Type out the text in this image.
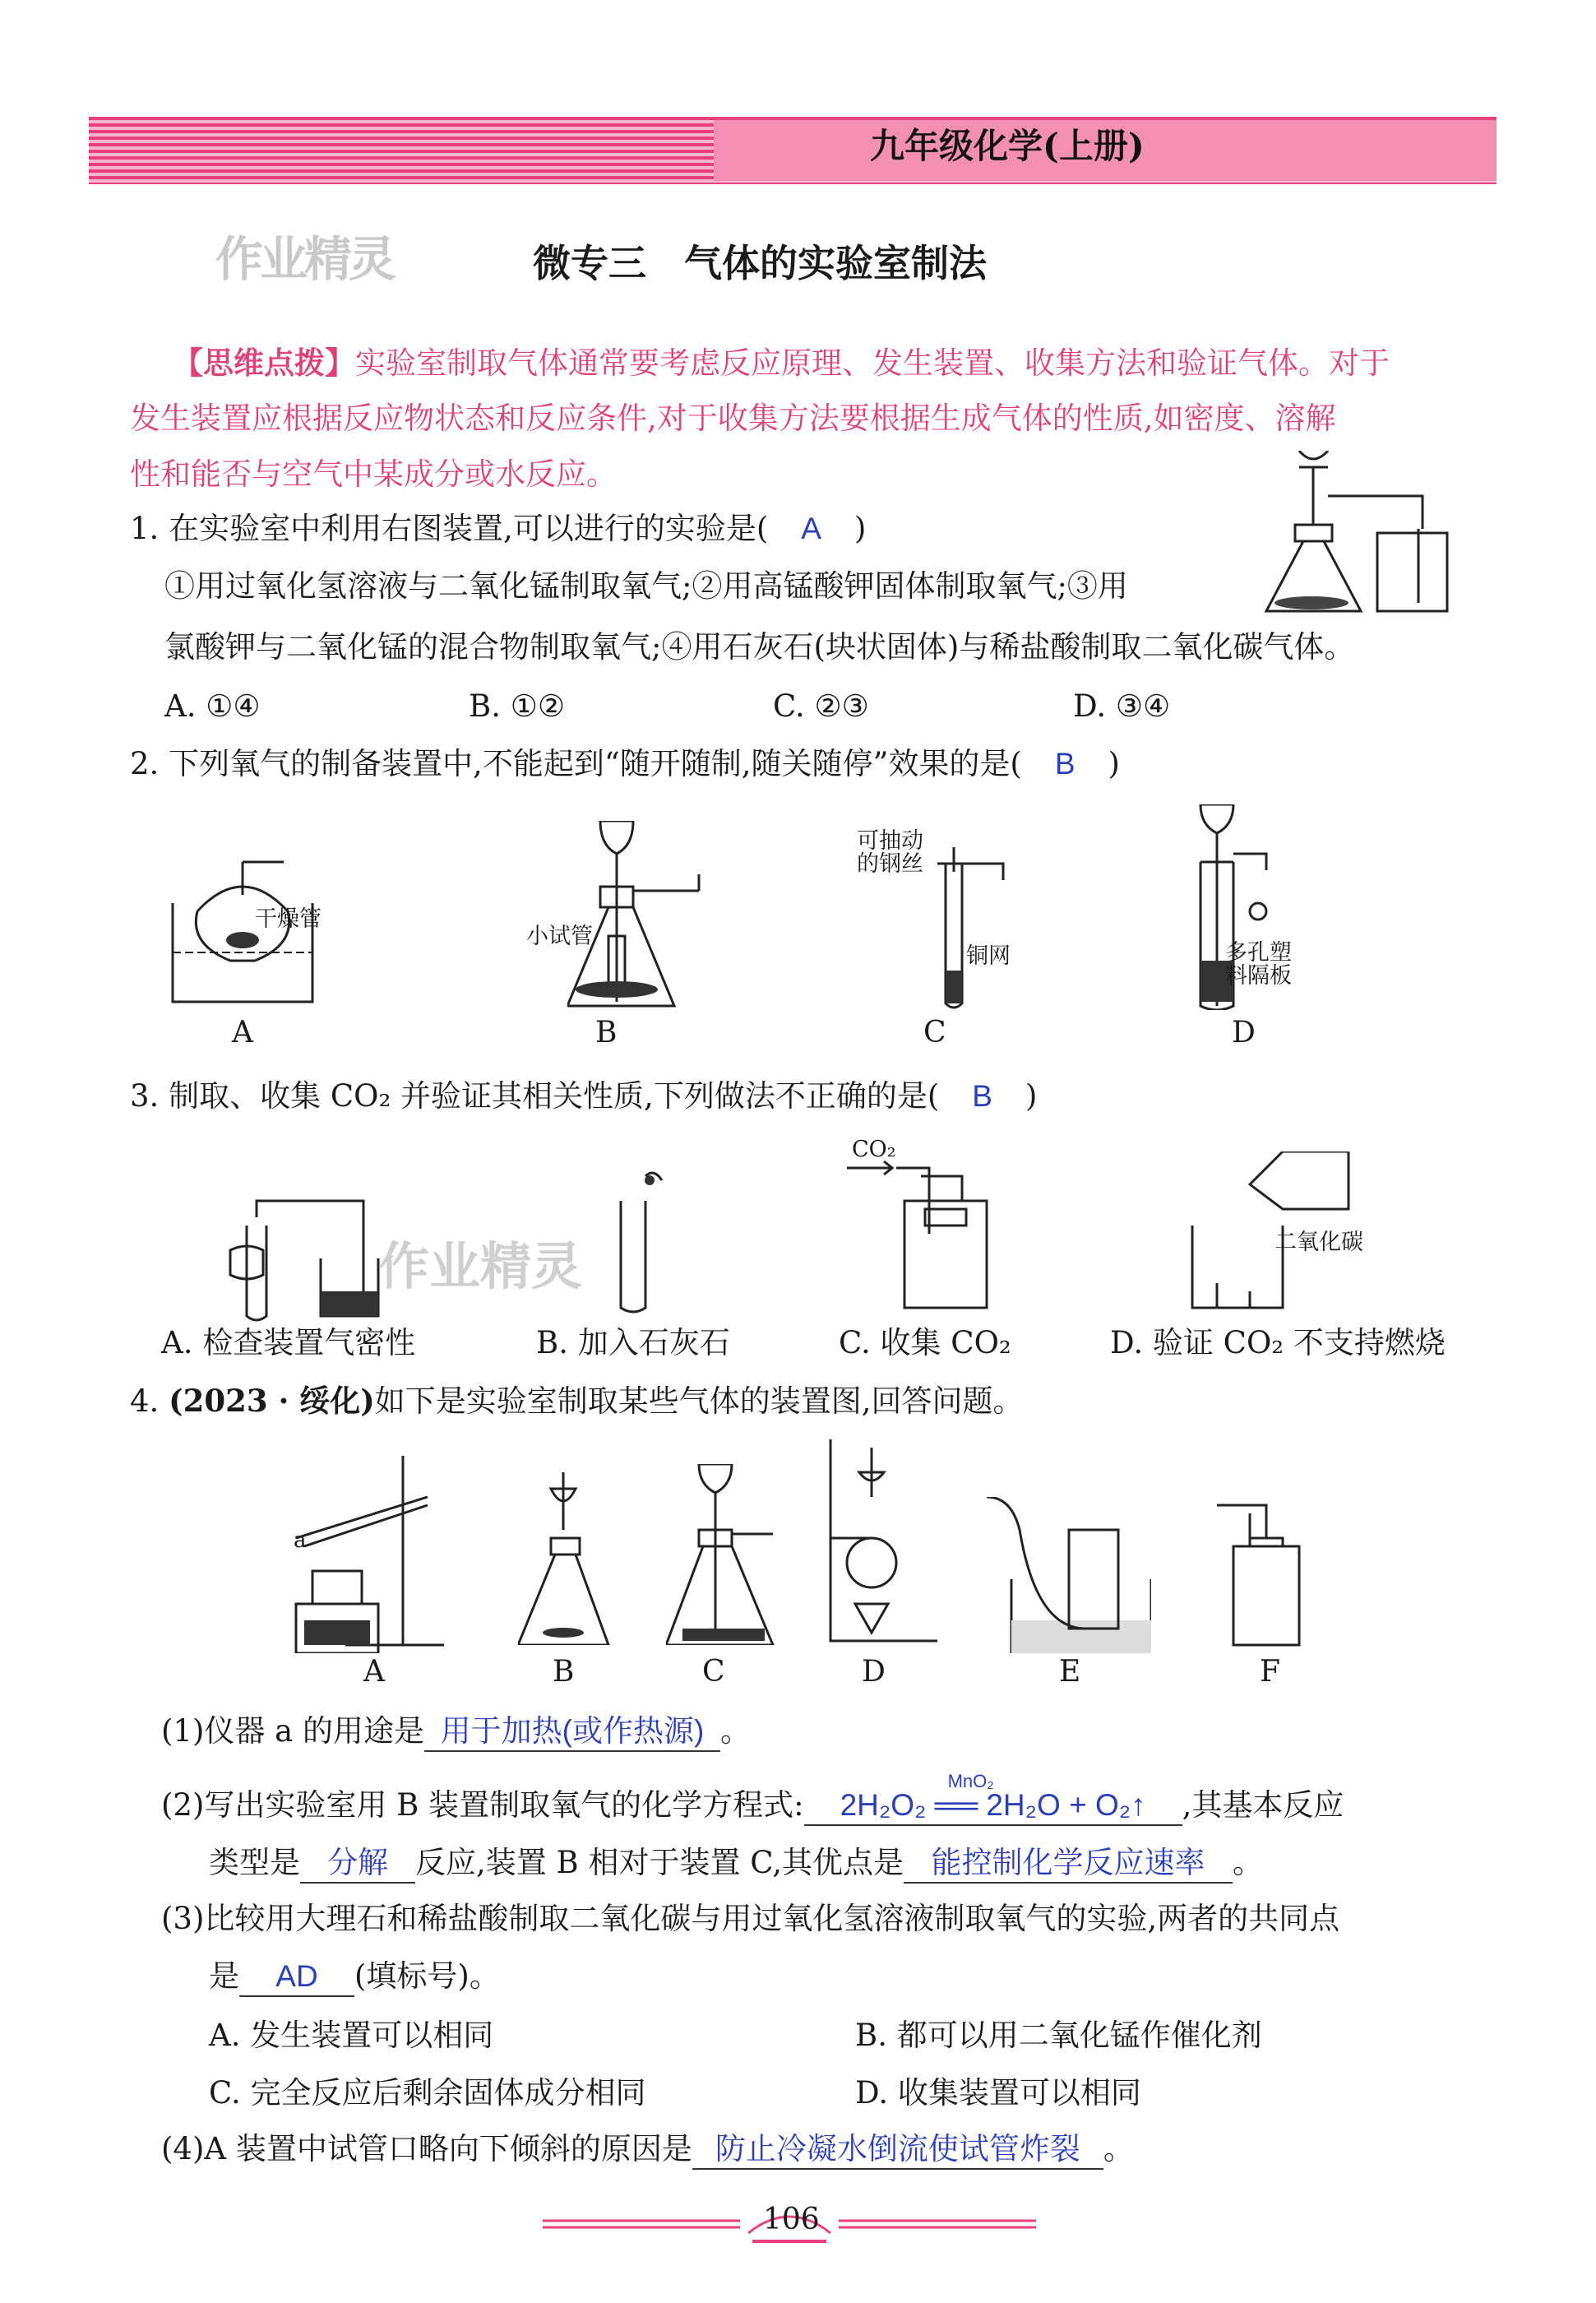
九年级化学(上册)
作业精灵	微专三　气体的实验室制法
【思维点拨】实验室制取气体通常要考虑反应原理、发生装置、收集方法和验证气体。对于
发生装置应根据反应物状态和反应条件,对于收集方法要根据生成气体的性质,如密度、溶解
性和能否与空气中某成分或水反应。
1. 在实验室中利用右图装置,可以进行的实验是( A )
①用过氧化氢溶液与二氧化锰制取氧气;②用高锰酸钾固体制取氧气;③用
氯酸钾与二氧化锰的混合物制取氧气;④用石灰石(块状固体)与稀盐酸制取二氧化碳气体。
A. ①④	B. ①②	C. ②③	D. ③④
2. 下列氧气的制备装置中,不能起到“随开随制,随关随停”效果的是( B )
干燥管
A
小试管
B
可抽动
的钢丝
铜网
C
多孔塑
料隔板
D
3. 制取、收集 CO₂ 并验证其相关性质,下列做法不正确的是( B )
A. 检查装置气密性
作业精灵
B. 加入石灰石
CO₂
C. 收集 CO₂
二氧化碳
D. 验证 CO₂ 不支持燃烧
4. (2023 · 绥化)如下是实验室制取某些气体的装置图,回答问题。
a
A	B	C	D	E	F
(1)仪器 a 的用途是 用于加热(或作热源) 。
(2)写出实验室用 B 装置制取氧气的化学方程式:
MnO₂
2H₂O₂ ══ 2H₂O + O₂↑ ,其基本反应
类型是 分解 反应,装置 B 相对于装置 C,其优点是 能控制化学反应速率 。
(3)比较用大理石和稀盐酸制取二氧化碳与用过氧化氢溶液制取氧气的实验,两者的共同点
是 AD (填标号)。
A. 发生装置可以相同	B. 都可以用二氧化锰作催化剂
C. 完全反应后剩余固体成分相同	D. 收集装置可以相同
(4)A 装置中试管口略向下倾斜的原因是 防止冷凝水倒流使试管炸裂 。
106
